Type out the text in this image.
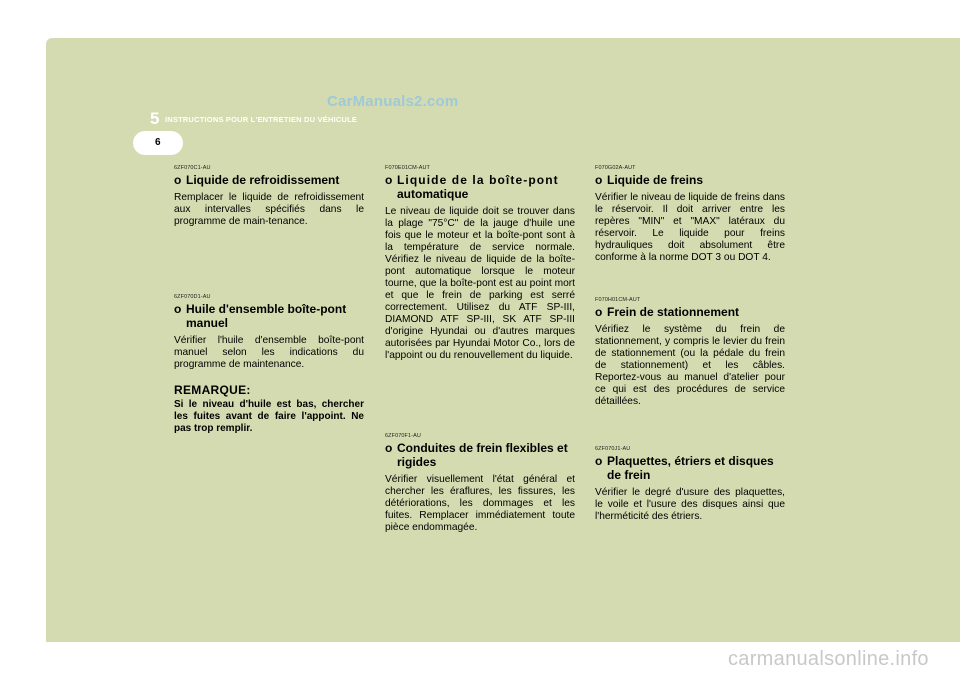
CarManuals2.com
5 INSTRUCTIONS POUR L'ENTRETIEN DU VÉHICULE
6
6ZF070C1-AU
o Liquide de refroidissement

Remplacer le liquide de refroidissement aux intervalles spécifiés dans le programme de main-tenance.

6ZF070D1-AU
o Huile d'ensemble boîte-pont
manuel

Vérifier l'huile d'ensemble boîte-pont manuel selon les indications du programme de maintenance.

REMARQUE:

Si le niveau d'huile est bas, chercher les fuites avant de faire l'appoint. Ne pas trop remplir.

F070E01CM-AUT
o Liquide de la boîte-pont
automatique

Le niveau de liquide doit se trouver dans la plage "75°C" de la jauge d'huile une fois que le moteur et la boîte-pont sont à la température de service normale. Vérifiez le niveau de liquide de la boîte-pont automatique lorsque le moteur tourne, que la boîte-pont est au point mort et que le frein de parking est serré correctement. Utilisez du ATF SP-III, DIAMOND ATF SP-III, SK ATF SP-III d'origine Hyundai ou d'autres marques autorisées par Hyundai Motor Co., lors de l'appoint ou du renouvellement du liquide.

6ZF070F1-AU
o Conduites de frein flexibles et
rigides

Vérifier visuellement l'état général et chercher les éraflures, les fissures, les détériorations, les dommages et les fuites. Remplacer immédiatement toute pièce endommagée.

F070G02A-AUT
o Liquide de freins

Vérifier le niveau de liquide de freins dans le réservoir. Il doit arriver entre les repères "MIN" et "MAX" latéraux du réservoir. Le liquide pour freins hydrauliques doit absolument être conforme à la norme DOT 3 ou DOT 4.

F070H01CM-AUT
o Frein de stationnement

Vérifiez le système du frein de stationnement, y compris le levier du frein de stationnement (ou la pédale du frein de stationnement) et les câbles. Reportez-vous au manuel d'atelier pour ce qui est des procédures de service détaillées.

6ZF070J1-AU
o Plaquettes, étriers et disques
de frein

Vérifier le degré d'usure des plaquettes, le voile et l'usure des disques ainsi que l'herméticité des étriers.

carmanualsonline.info
